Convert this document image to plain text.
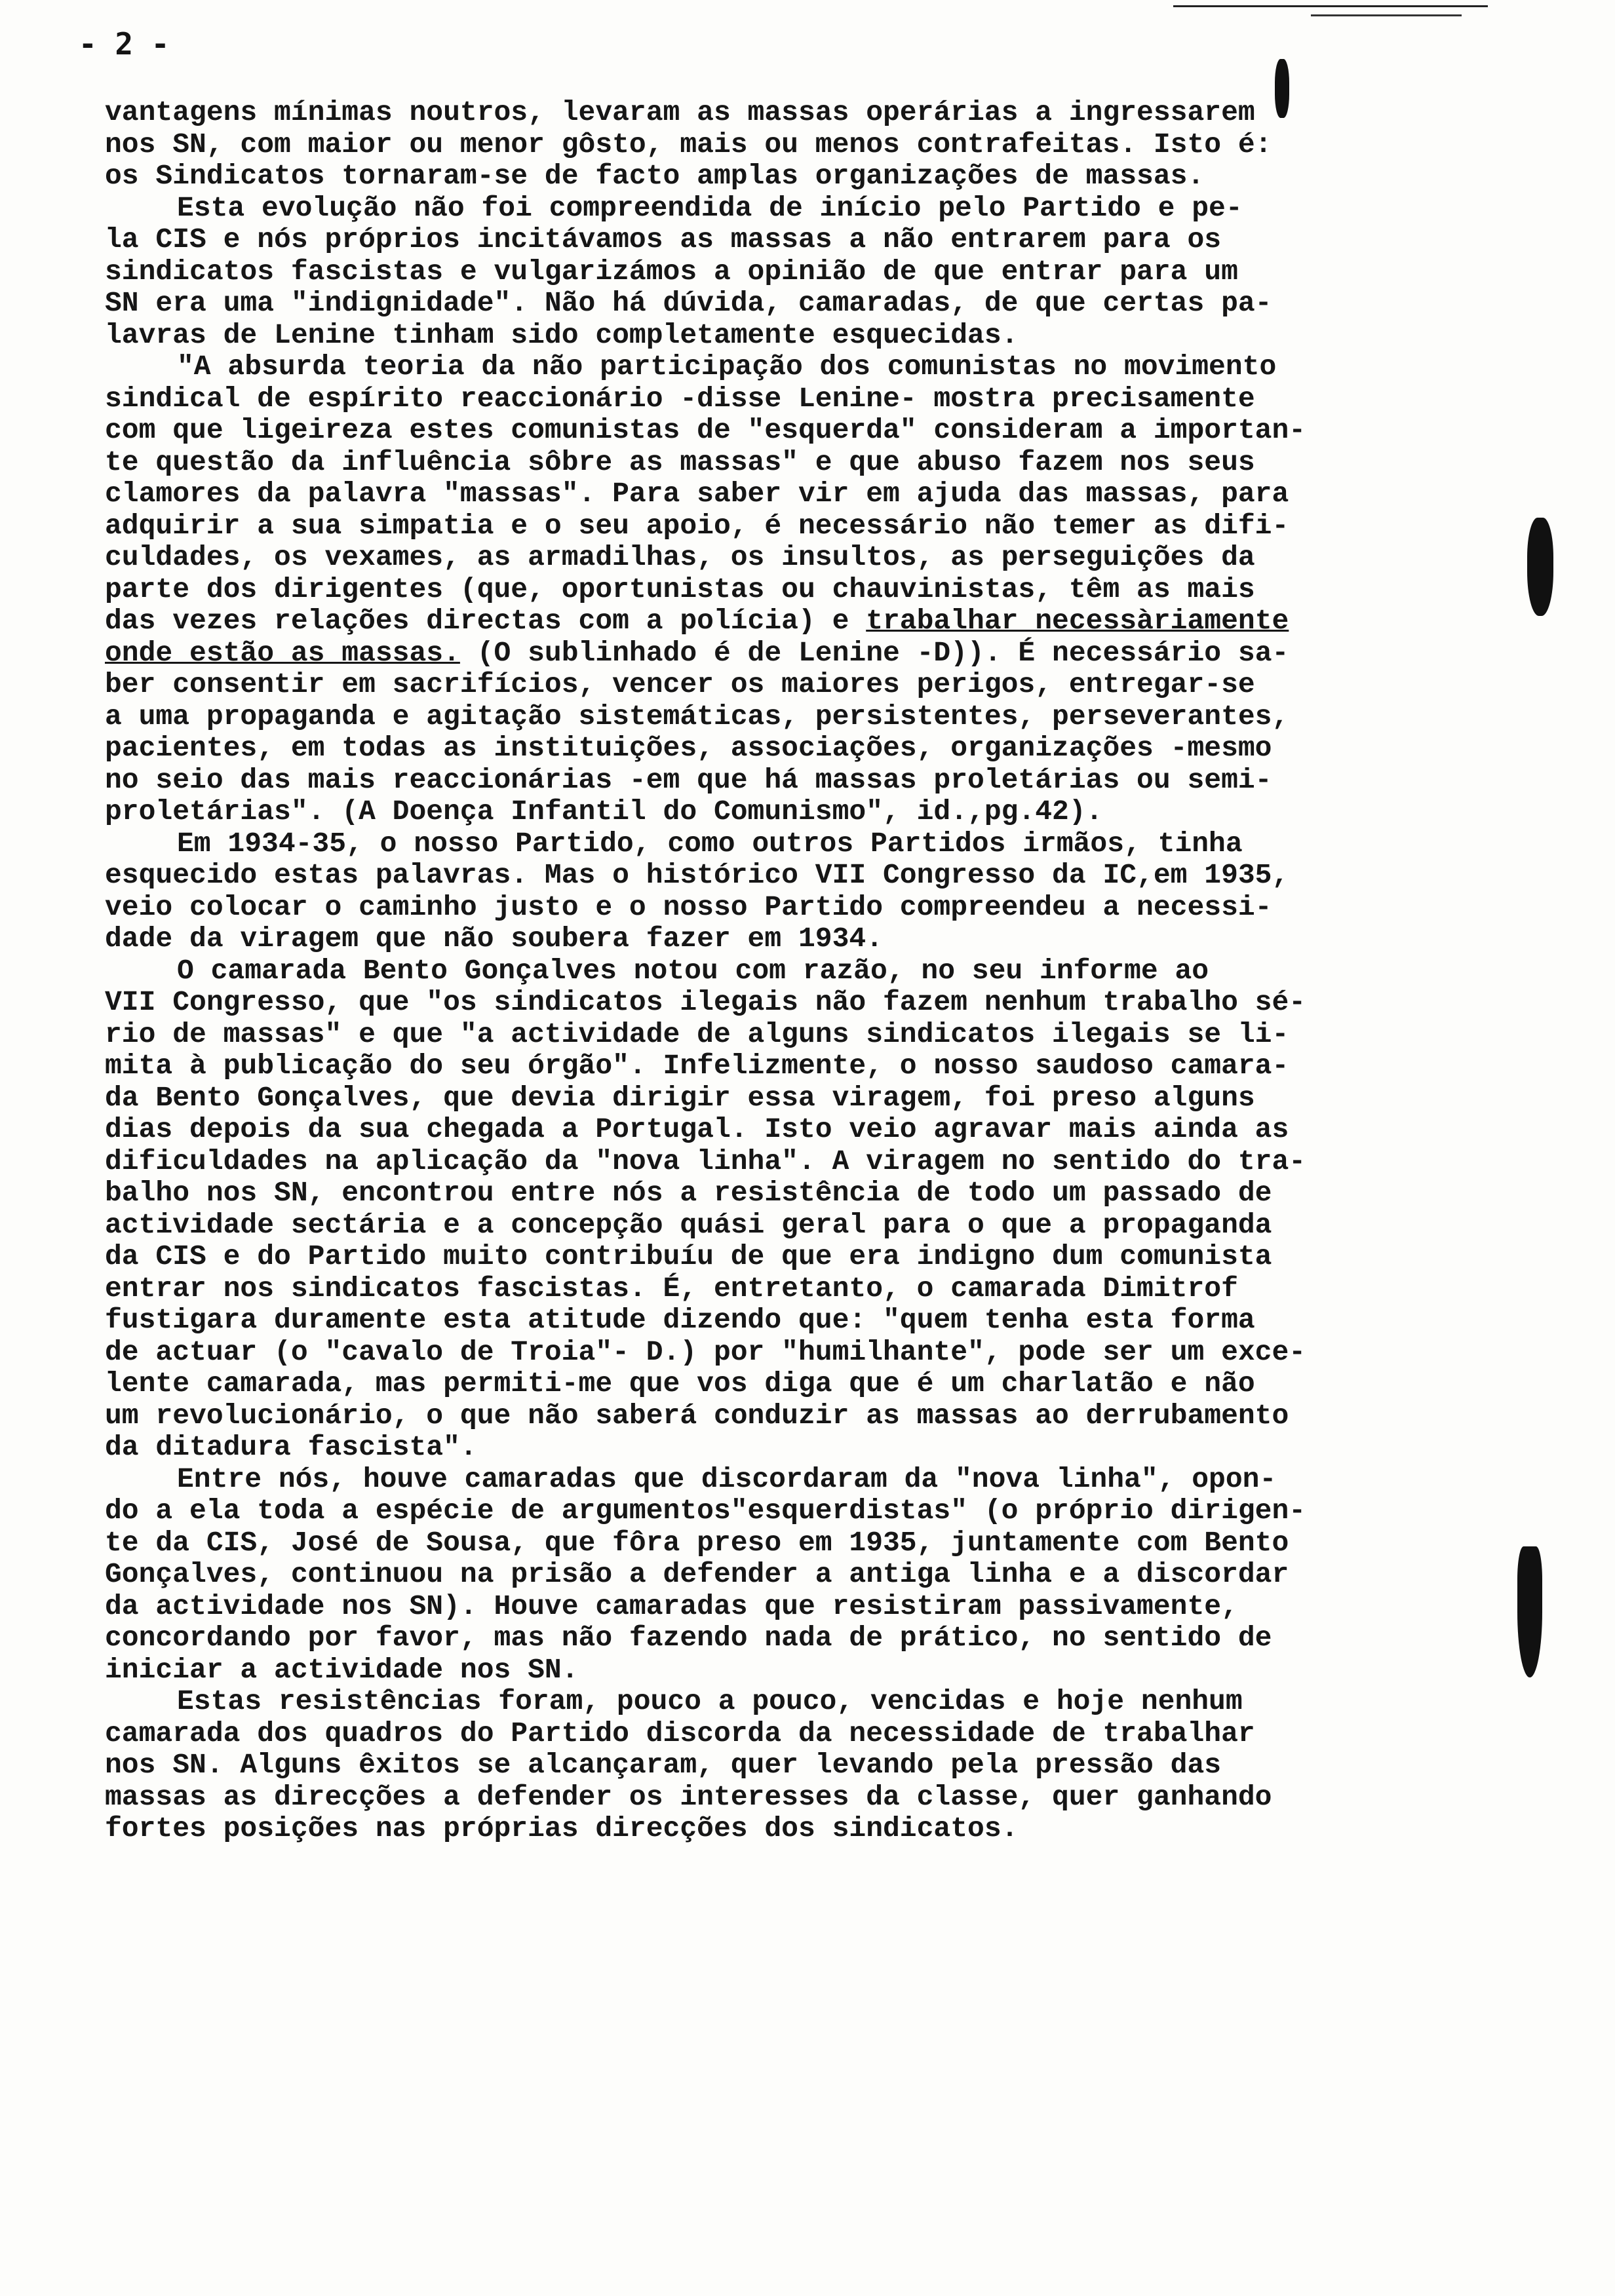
- 2 -
vantagens mínimas noutros, levaram as massas operárias a ingressarem
nos SN, com maior ou menor gôsto, mais ou menos contrafeitas. Isto é:
os Sindicatos tornaram-se de facto amplas organizações de massas.
Esta evolução não foi compreendida de início pelo Partido e pe-
la CIS e nós próprios incitávamos as massas a não entrarem para os
sindicatos fascistas e vulgarizámos a opinião de que entrar para um
SN era uma "indignidade". Não há dúvida, camaradas, de que certas pa-
lavras de Lenine tinham sido completamente esquecidas.
"A absurda teoria da não participação dos comunistas no movimento
sindical de espírito reaccionário -disse Lenine- mostra precisamente
com que ligeireza estes comunistas de "esquerda" consideram a importan-
te questão da influência sôbre as massas" e que abuso fazem nos seus
clamores da palavra "massas". Para saber vir em ajuda das massas, para
adquirir a sua simpatia e o seu apoio, é necessário não temer as difi-
culdades, os vexames, as armadilhas, os insultos, as perseguições da
parte dos dirigentes (que, oportunistas ou chauvinistas, têm as mais
das vezes relações directas com a polícia) e trabalhar necessàriamente
onde estão as massas. (O sublinhado é de Lenine -D)). É necessário sa-
ber consentir em sacrifícios, vencer os maiores perigos, entregar-se
a uma propaganda e agitação sistemáticas, persistentes, perseverantes,
pacientes, em todas as instituições, associações, organizações -mesmo
no seio das mais reaccionárias -em que há massas proletárias ou semi-
proletárias". (A Doença Infantil do Comunismo", id.,pg.42).
Em 1934-35, o nosso Partido, como outros Partidos irmãos, tinha
esquecido estas palavras. Mas o histórico VII Congresso da IC,em 1935,
veio colocar o caminho justo e o nosso Partido compreendeu a necessi-
dade da viragem que não soubera fazer em 1934.
O camarada Bento Gonçalves notou com razão, no seu informe ao
VII Congresso, que "os sindicatos ilegais não fazem nenhum trabalho sé-
rio de massas" e que "a actividade de alguns sindicatos ilegais se li-
mita à publicação do seu órgão". Infelizmente, o nosso saudoso camara-
da Bento Gonçalves, que devia dirigir essa viragem, foi preso alguns
dias depois da sua chegada a Portugal. Isto veio agravar mais ainda as
dificuldades na aplicação da "nova linha". A viragem no sentido do tra-
balho nos SN, encontrou entre nós a resistência de todo um passado de
actividade sectária e a concepção quási geral para o que a propaganda
da CIS e do Partido muito contribuíu de que era indigno dum comunista
entrar nos sindicatos fascistas. É, entretanto, o camarada Dimitrof
fustigara duramente esta atitude dizendo que: "quem tenha esta forma
de actuar (o "cavalo de Troia"- D.) por "humilhante", pode ser um exce-
lente camarada, mas permiti-me que vos diga que é um charlatão e não
um revolucionário, o que não saberá conduzir as massas ao derrubamento
da ditadura fascista".
Entre nós, houve camaradas que discordaram da "nova linha", opon-
do a ela toda a espécie de argumentos"esquerdistas" (o próprio dirigen-
te da CIS, José de Sousa, que fôra preso em 1935, juntamente com Bento
Gonçalves, continuou na prisão a defender a antiga linha e a discordar
da actividade nos SN). Houve camaradas que resistiram passivamente,
concordando por favor, mas não fazendo nada de prático, no sentido de
iniciar a actividade nos SN.
Estas resistências foram, pouco a pouco, vencidas e hoje nenhum
camarada dos quadros do Partido discorda da necessidade de trabalhar
nos SN. Alguns êxitos se alcançaram, quer levando pela pressão das
massas as direcções a defender os interesses da classe, quer ganhando
fortes posições nas próprias direcções dos sindicatos.
